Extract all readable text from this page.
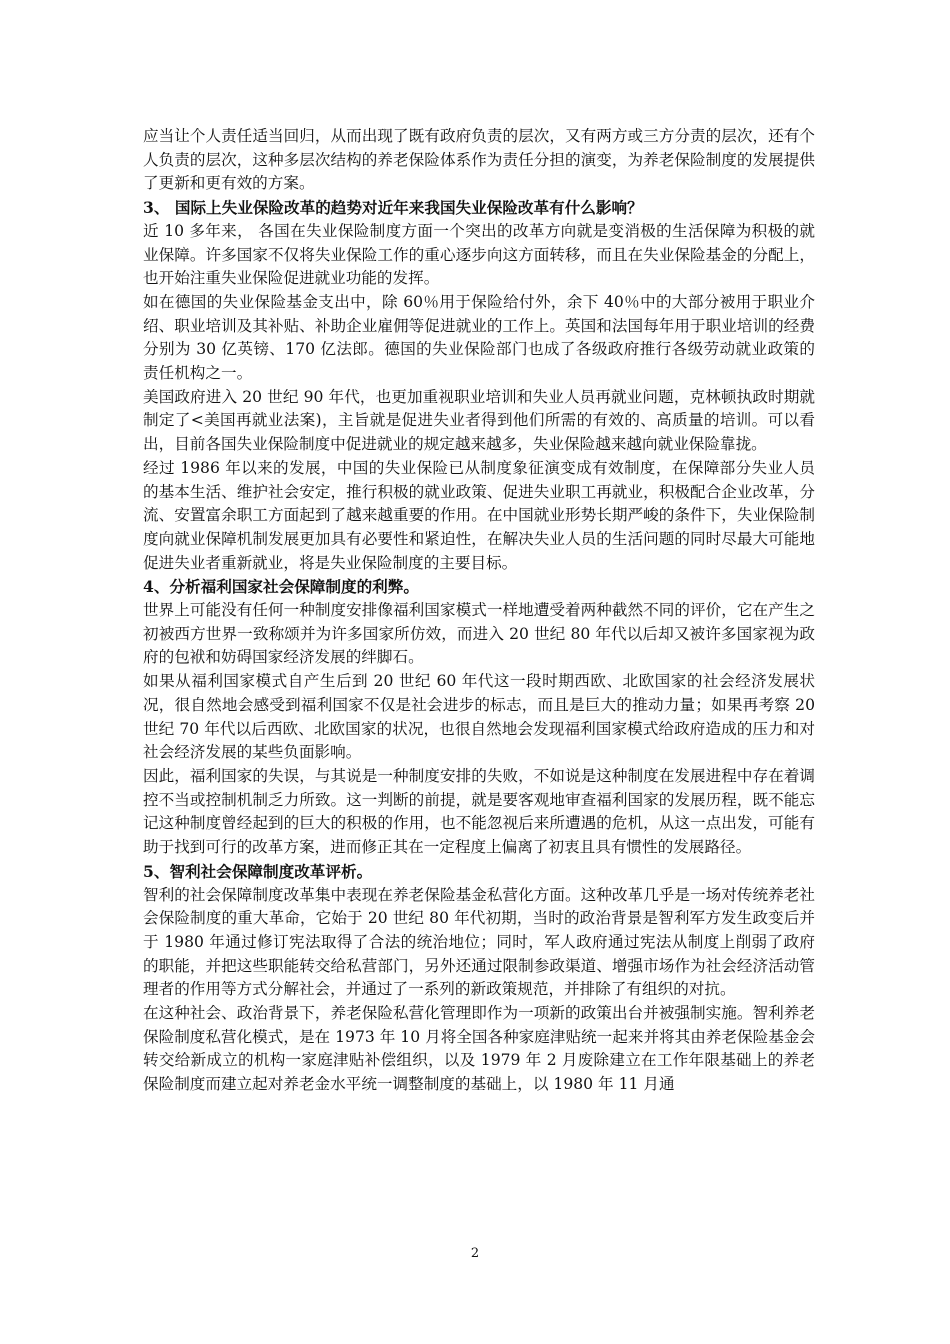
应当让个人责任适当回归，从而出现了既有政府负责的层次，又有两方或三方分责的层次，还有个人负责的层次，这种多层次结构的养老保险体系作为责任分担的演变，为养老保险制度的发展提供了更新和更有效的方案。

3、 国际上失业保险改革的趋势对近年来我国失业保险改革有什么影响？

近 10 多年来， 各国在失业保险制度方面一个突出的改革方向就是变消极的生活保障为积极的就业保障。许多国家不仅将失业保险工作的重心逐步向这方面转移，而且在失业保险基金的分配上，也开始注重失业保险促进就业功能的发挥。

如在德国的失业保险基金支出中，除 60％用于保险给付外，余下 40％中的大部分被用于职业介绍、职业培训及其补贴、补助企业雇佣等促进就业的工作上。英国和法国每年用于职业培训的经费分别为 30 亿英镑、170 亿法郎。德国的失业保险部门也成了各级政府推行各级劳动就业政策的责任机构之一。

美国政府进入 20 世纪 90 年代，也更加重视职业培训和失业人员再就业问题，克林顿执政时期就制定了<美国再就业法案)，主旨就是促进失业者得到他们所需的有效的、高质量的培训。可以看出，目前各国失业保险制度中促进就业的规定越来越多，失业保险越来越向就业保险靠拢。

经过 1986 年以来的发展，中国的失业保险已从制度象征演变成有效制度，在保障部分失业人员的基本生活、维护社会安定，推行积极的就业政策、促进失业职工再就业，积极配合企业改革，分流、安置富余职工方面起到了越来越重要的作用。在中国就业形势长期严峻的条件下，失业保险制度向就业保障机制发展更加具有必要性和紧迫性，在解决失业人员的生活问题的同时尽最大可能地促进失业者重新就业，将是失业保险制度的主要目标。

4、分析福利国家社会保障制度的利弊。

世界上可能没有任何一种制度安排像福利国家模式一样地遭受着两种截然不同的评价，它在产生之初被西方世界一致称颂并为许多国家所仿效，而进入 20 世纪 80 年代以后却又被许多国家视为政府的包袱和妨碍国家经济发展的绊脚石。

如果从福利国家模式自产生后到 20 世纪 60 年代这一段时期西欧、北欧国家的社会经济发展状况，很自然地会感受到福利国家不仅是社会进步的标志，而且是巨大的推动力量；如果再考察 20 世纪 70 年代以后西欧、北欧国家的状况，也很自然地会发现福利国家模式给政府造成的压力和对社会经济发展的某些负面影响。

因此，福利国家的失误，与其说是一种制度安排的失败，不如说是这种制度在发展进程中存在着调控不当或控制机制乏力所致。这一判断的前提，就是要客观地审查福利国家的发展历程，既不能忘记这种制度曾经起到的巨大的积极的作用，也不能忽视后来所遭遇的危机，从这一点出发，可能有助于找到可行的改革方案，进而修正其在一定程度上偏离了初衷且具有惯性的发展路径。

5、智利社会保障制度改革评析。

智利的社会保障制度改革集中表现在养老保险基金私营化方面。这种改革几乎是一场对传统养老社会保险制度的重大革命，它始于 20 世纪 80 年代初期，当时的政治背景是智利军方发生政变后并于 1980 年通过修订宪法取得了合法的统治地位；同时，军人政府通过宪法从制度上削弱了政府的职能，并把这些职能转交给私营部门，另外还通过限制参政渠道、增强市场作为社会经济活动管理者的作用等方式分解社会，并通过了一系列的新政策规范，并排除了有组织的对抗。

在这种社会、政治背景下，养老保险私营化管理即作为一项新的政策出台并被强制实施。智利养老保险制度私营化模式，是在 1973 年 10 月将全国各种家庭津贴统一起来并将其由养老保险基金会转交给新成立的机构一家庭津贴补偿组织，以及 1979 年 2 月废除建立在工作年限基础上的养老保险制度而建立起对养老金水平统一调整制度的基础上，以 1980 年 11 月通

2
